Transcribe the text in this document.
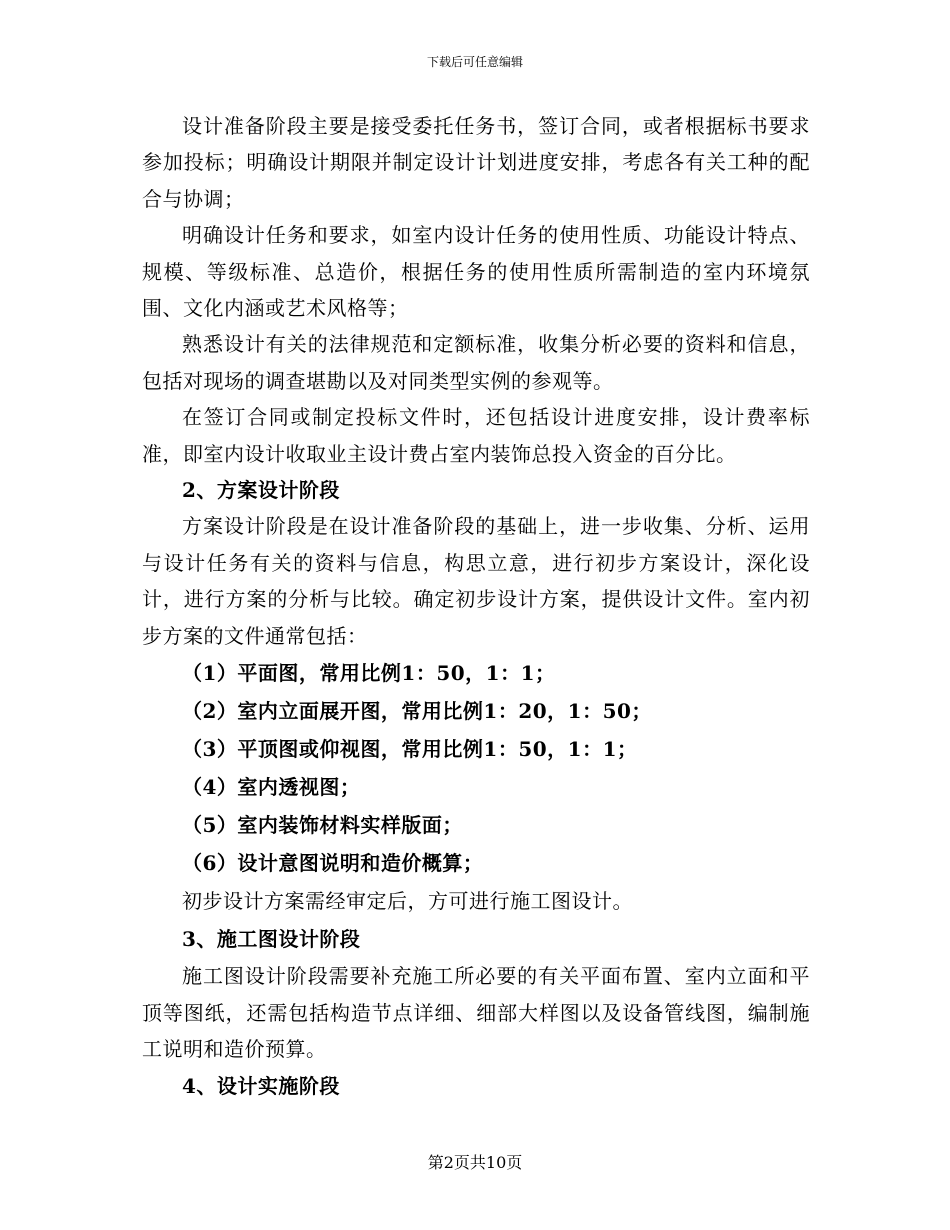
下载后可任意编辑

设计准备阶段主要是接受委托任务书，签订合同，或者根据标书要求参加投标；明确设计期限并制定设计计划进度安排，考虑各有关工种的配合与协调；

明确设计任务和要求，如室内设计任务的使用性质、功能设计特点、规模、等级标准、总造价，根据任务的使用性质所需制造的室内环境氛围、文化内涵或艺术风格等；

熟悉设计有关的法律规范和定额标准，收集分析必要的资料和信息，包括对现场的调查堪勘以及对同类型实例的参观等。

在签订合同或制定投标文件时，还包括设计进度安排，设计费率标准，即室内设计收取业主设计费占室内装饰总投入资金的百分比。

2、方案设计阶段

方案设计阶段是在设计准备阶段的基础上，进一步收集、分析、运用与设计任务有关的资料与信息，构思立意，进行初步方案设计，深化设计，进行方案的分析与比较。确定初步设计方案，提供设计文件。室内初步方案的文件通常包括：

（1）平面图，常用比例1：50，1：1；

（2）室内立面展开图，常用比例1：20，1：50；

（3）平顶图或仰视图，常用比例1：50，1：1；

（4）室内透视图；

（5）室内装饰材料实样版面；

（6）设计意图说明和造价概算；

初步设计方案需经审定后，方可进行施工图设计。

3、施工图设计阶段

施工图设计阶段需要补充施工所必要的有关平面布置、室内立面和平顶等图纸，还需包括构造节点详细、细部大样图以及设备管线图，编制施工说明和造价预算。

4、设计实施阶段

第2页共10页
